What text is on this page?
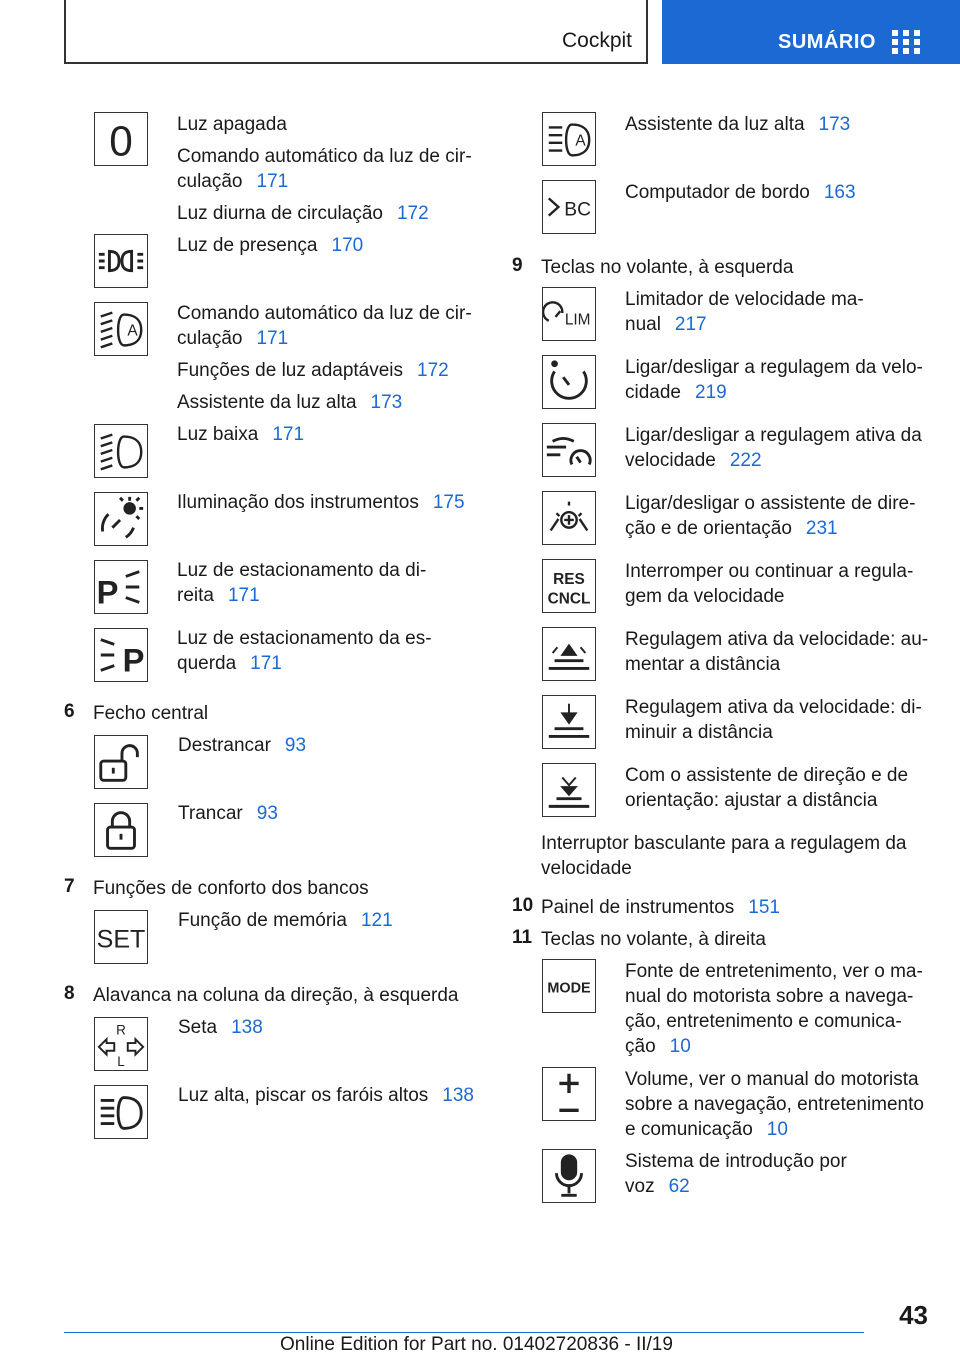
Cockpit	SUMÁRIO
0
A
P
P
SET
R
L
Luz apagada
Comando automático da luz de cir-
culação 171
Luz diurna de circulação 172
Luz de presença 170
Comando automático da luz de cir-
culação 171
Funções de luz adaptáveis 172
Assistente da luz alta 173
Luz baixa 171
Iluminação dos instrumentos 175
Luz de estacionamento da di-
reita 171
Luz de estacionamento da es-
querda 171
6 Fecho central
Destrancar 93
Trancar 93
7 Funções de conforto dos bancos
Função de memória 121
8 Alavanca na coluna da direção, à esquerda
Seta 138
Luz alta, piscar os faróis altos 138
A
BC
LIM
RES
CNCL
MODE
Assistente da luz alta 173
Computador de bordo 163
9 Teclas no volante, à esquerda
Limitador de velocidade ma-
nual 217
Ligar/desligar a regulagem da velo-
cidade 219
Ligar/desligar a regulagem ativa da
velocidade 222
Ligar/desligar o assistente de dire-
ção e de orientação 231
Interromper ou continuar a regula-
gem da velocidade
Regulagem ativa da velocidade: au-
mentar a distância
Regulagem ativa da velocidade: di-
minuir a distância
Com o assistente de direção e de
orientação: ajustar a distância
Interruptor basculante para a regulagem da
velocidade
10 Painel de instrumentos 151
11 Teclas no volante, à direita
Fonte de entretenimento, ver o ma-
nual do motorista sobre a navega-
ção, entretenimento e comunica-
ção 10
Volume, ver o manual do motorista
sobre a navegação, entretenimento
e comunicação 10
Sistema de introdução por
voz 62
43
Online Edition for Part no. 01402720836 - II/19
